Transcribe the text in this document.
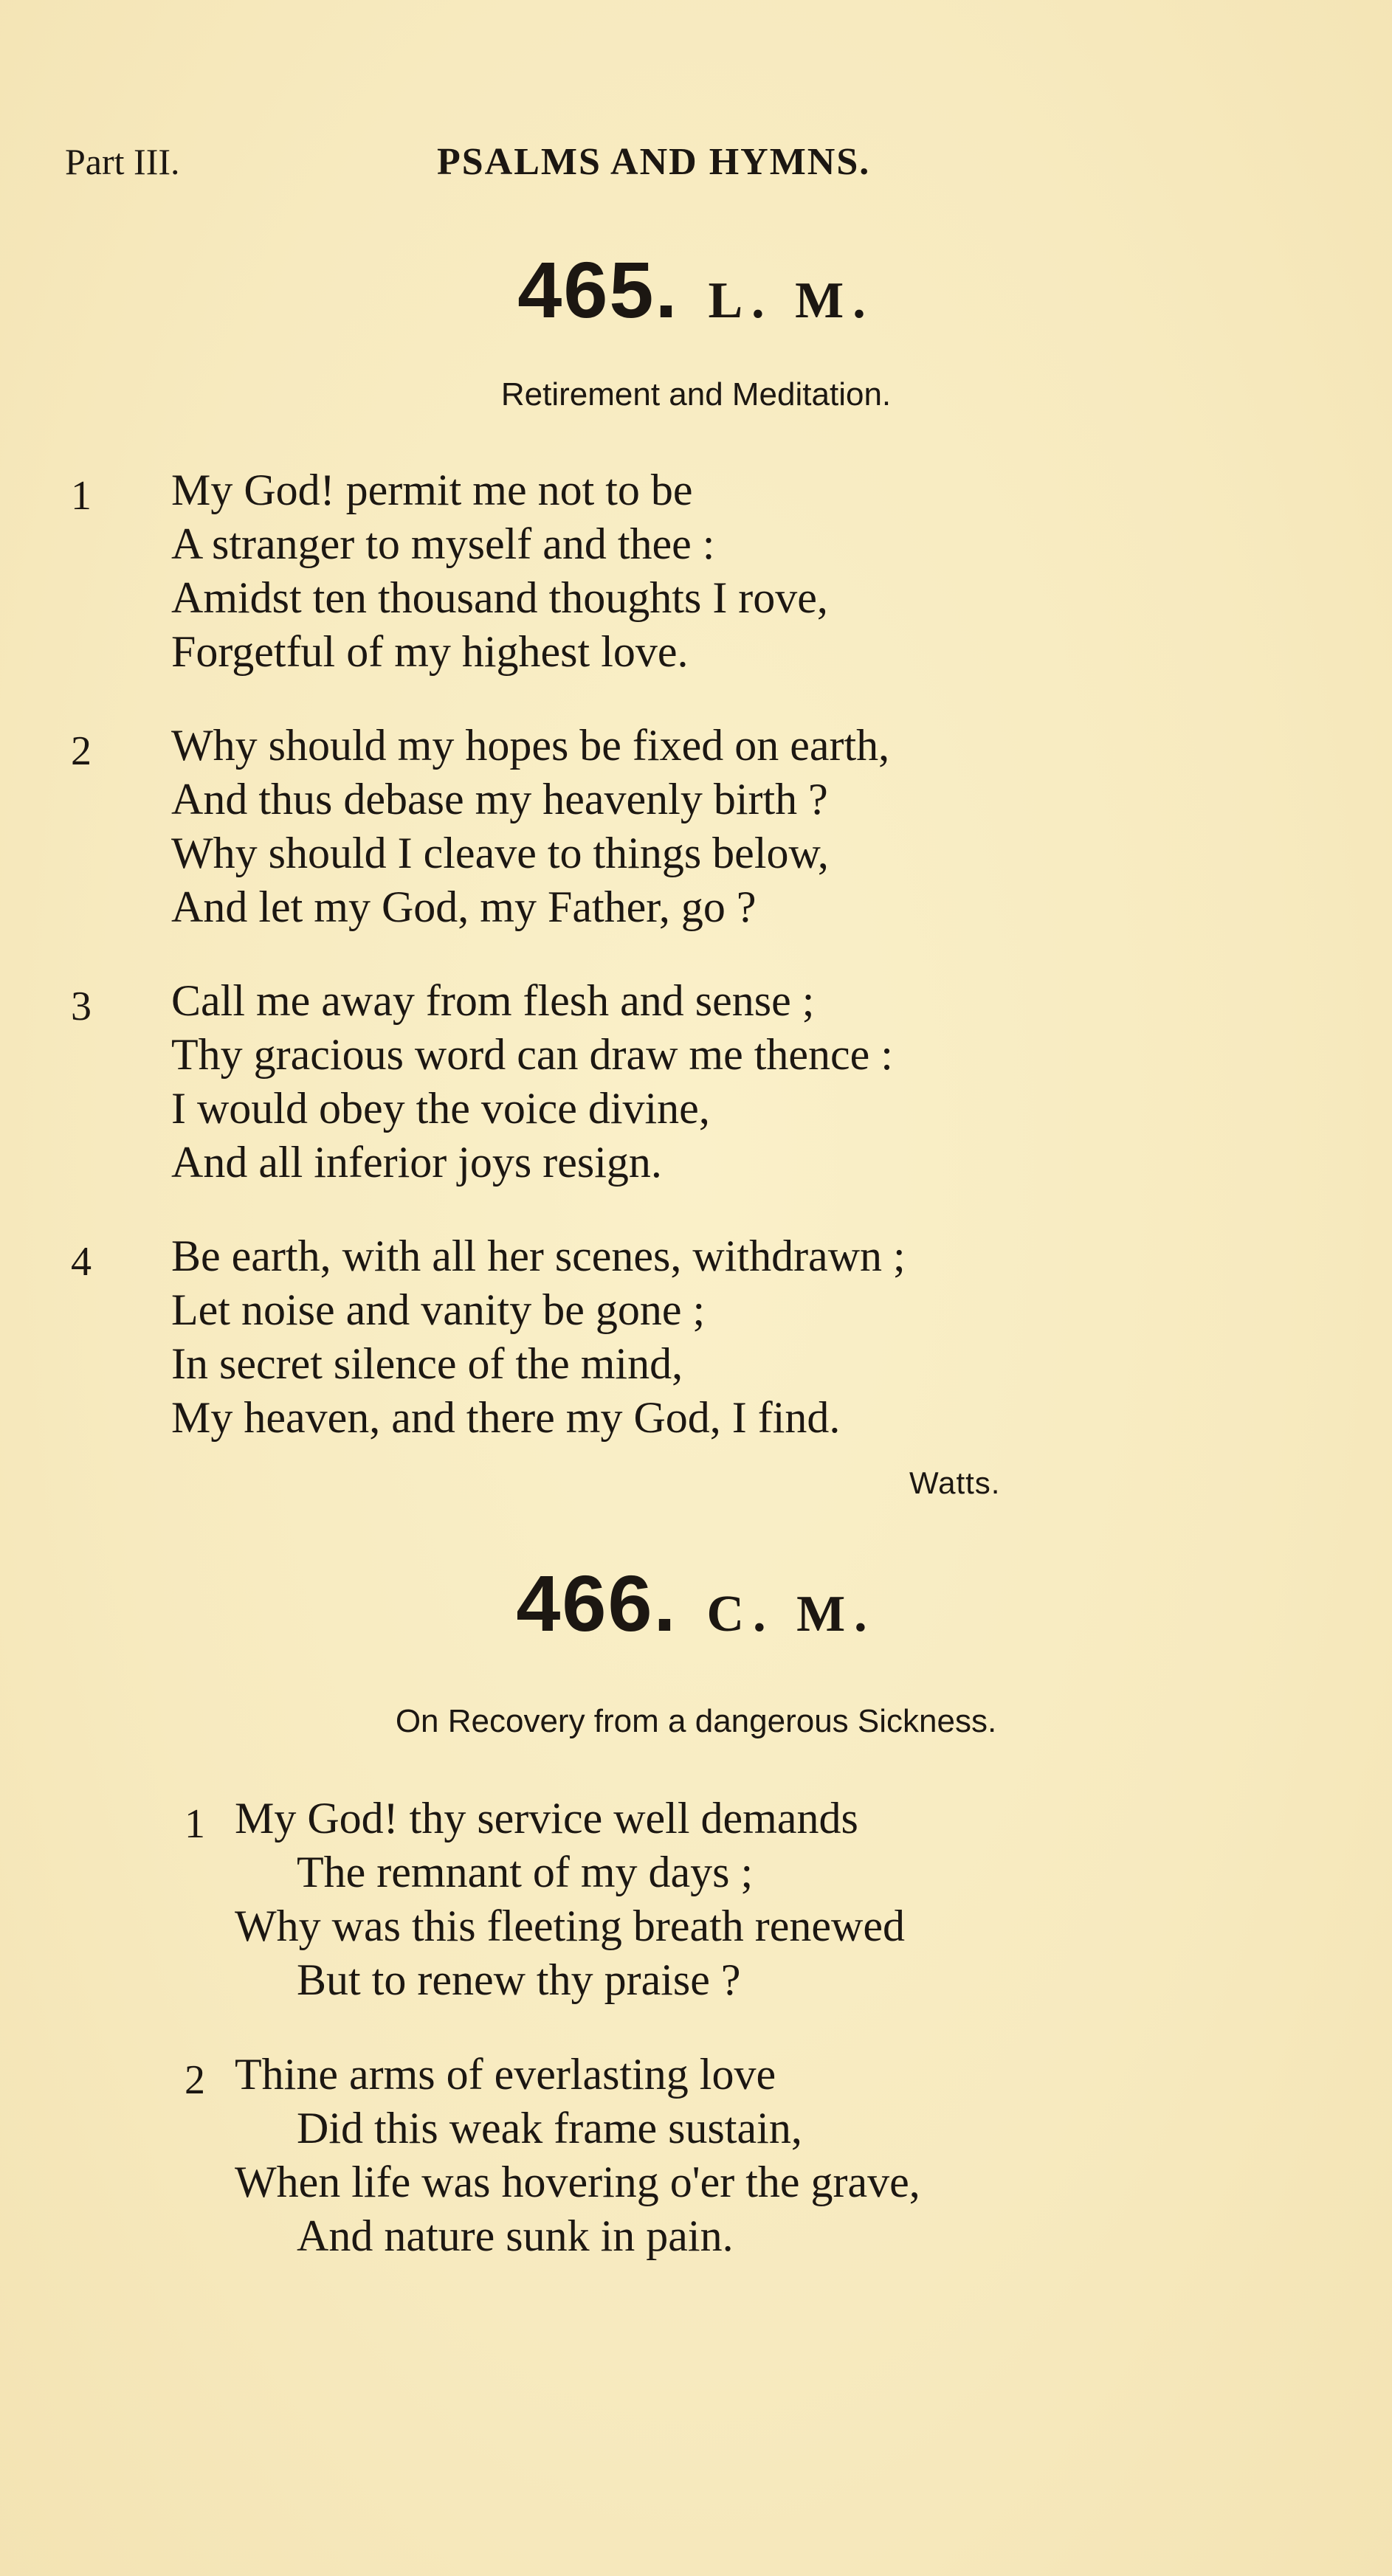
Part III.	PSALMS AND HYMNS.
465. L. M.
Retirement and Meditation.
1 My God! permit me not to be
A stranger to myself and thee :
Amidst ten thousand thoughts I rove,
Forgetful of my highest love.
2 Why should my hopes be fixed on earth,
And thus debase my heavenly birth ?
Why should I cleave to things below,
And let my God, my Father, go ?
3 Call me away from flesh and sense ;
Thy gracious word can draw me thence :
I would obey the voice divine,
And all inferior joys resign.
4 Be earth, with all her scenes, withdrawn ;
Let noise and vanity be gone ;
In secret silence of the mind,
My heaven, and there my God, I find.
Watts.
466. C. M.
On Recovery from a dangerous Sickness.
1 My God! thy service well demands
The remnant of my days ;
Why was this fleeting breath renewed
But to renew thy praise ?
2 Thine arms of everlasting love
Did this weak frame sustain,
When life was hovering o'er the grave,
And nature sunk in pain.
